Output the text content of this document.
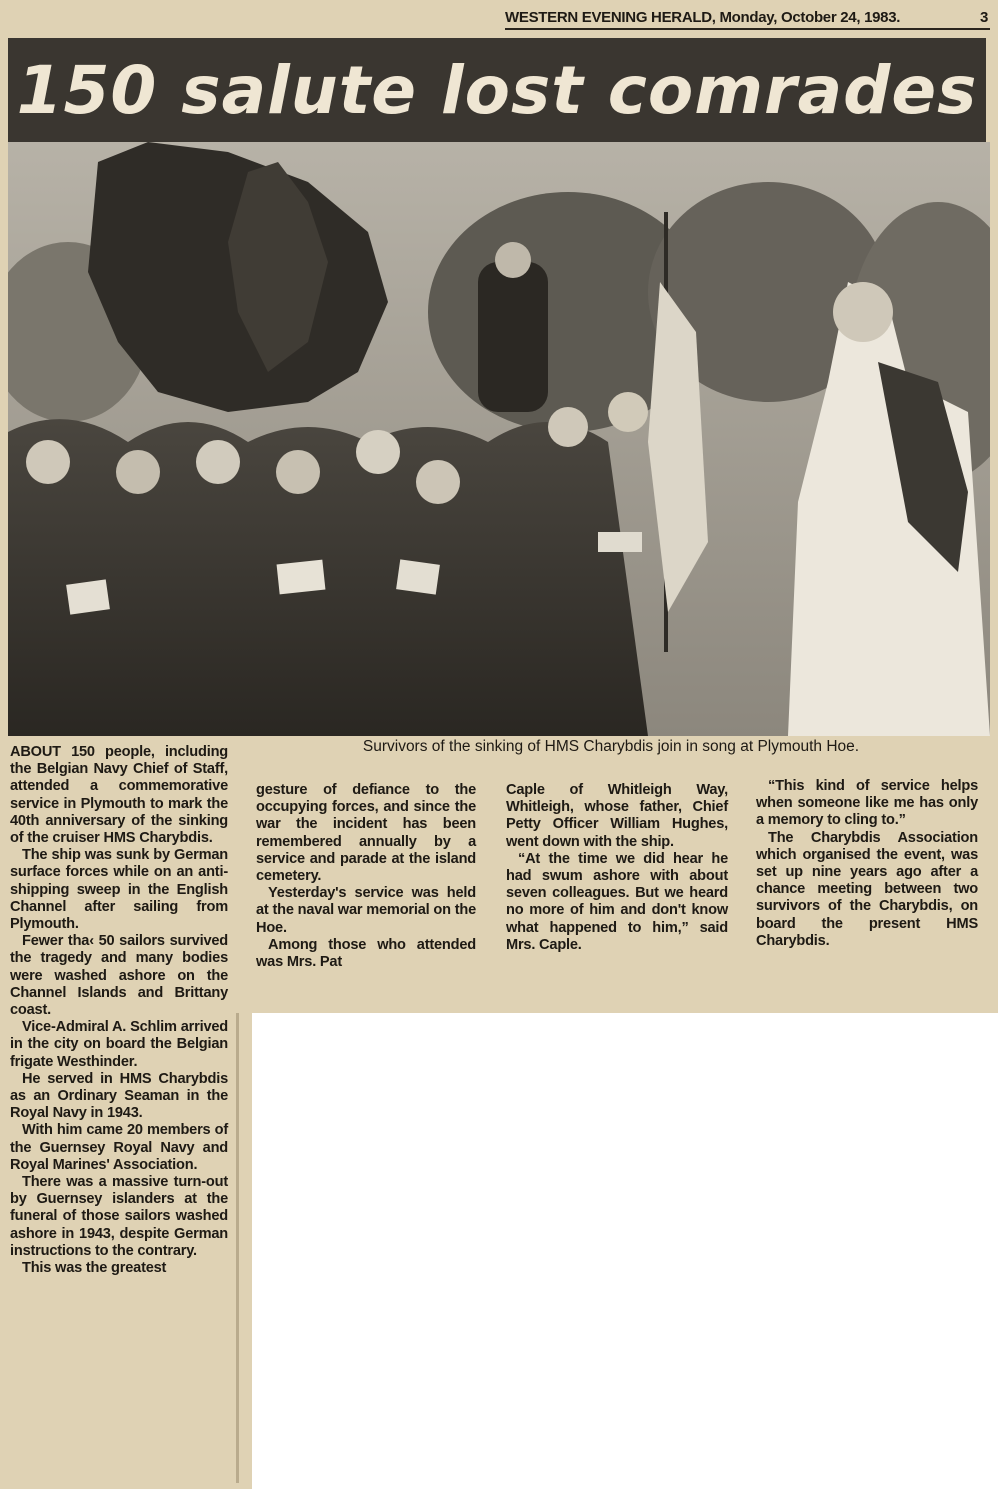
WESTERN EVENING HERALD, Monday, October 24, 1983.	3
150 salute lost comrades
Survivors of the sinking of HMS Charybdis join in song at Plymouth Hoe.

ABOUT 150 people, including the Belgian Navy Chief of Staff, attended a commemorative service in Plymouth to mark the 40th anniversary of the sinking of the cruiser HMS Charybdis.

The ship was sunk by German surface forces while on an anti-shipping sweep in the English Channel after sailing from Plymouth.

Fewer tha‹ 50 sailors survived the tragedy and many bodies were washed ashore on the Channel Islands and Brittany coast.

Vice-Admiral A. Schlim arrived in the city on board the Belgian frigate Westhinder.

He served in HMS Charybdis as an Ordinary Seaman in the Royal Navy in 1943.

With him came 20 members of the Guernsey Royal Navy and Royal Marines' Association.

There was a massive turn-out by Guernsey islanders at the funeral of those sailors washed ashore in 1943, despite German instructions to the contrary.

This was the greatest

gesture of defiance to the occupying forces, and since the war the incident has been remembered annually by a service and parade at the island cemetery.

Yesterday's service was held at the naval war memorial on the Hoe.

Among those who attended was Mrs. Pat

Caple of Whitleigh Way, Whitleigh, whose father, Chief Petty Officer William Hughes, went down with the ship.

“At the time we did hear he had swum ashore with about seven colleagues. But we heard no more of him and don't know what happened to him,” said Mrs. Caple.

“This kind of service helps when someone like me has only a memory to cling to.”

The Charybdis Association which organised the event, was set up nine years ago after a chance meeting between two survivors of the Charybdis, on board the present HMS Charybdis.
